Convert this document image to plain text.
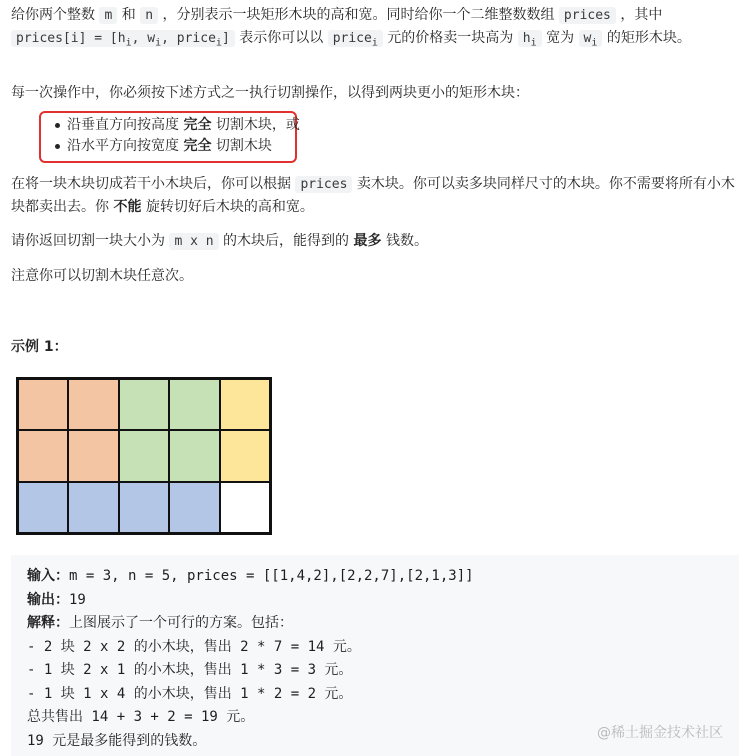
给你两个整数 m 和 n ，分别表示一块矩形木块的高和宽。同时给你一个二维整数数组 prices ，其中 prices[i] = [$h_i$, $w_i$, price$_i$] 表示你可以以 price$_i$ 元的价格卖一块高为 $h_i$ 宽为 $w_i$ 的矩形木块。
每一次操作中，你必须按下述方式之一执行切割操作，以得到两块更小的矩形木块：
沿垂直方向按高度 完全 切割木块，或
沿水平方向按宽度 完全 切割木块
在将一块木块切成若干小木块后，你可以根据 prices 卖木块。你可以卖多块同样尺寸的木块。你不需要将所有小木块都卖出去。你 不能 旋转切好后木块的高和宽。
请你返回切割一块大小为 m x n 的木块后，能得到的 最多 钱数。
注意你可以切割木块任意次。
示例 1：
输入：m = 3, n = 5, prices = [[1,4,2],[2,2,7],[2,1,3]]
输出：19
解释：上图展示了一个可行的方案。包括：
- 2 块 2 x 2 的小木块，售出 2 * 7 = 14 元。
- 1 块 2 x 1 的小木块，售出 1 * 3 = 3 元。
- 1 块 1 x 4 的小木块，售出 1 * 2 = 2 元。
总共售出 14 + 3 + 2 = 19 元。
19 元是最多能得到的钱数。	@稀土掘金技术社区
